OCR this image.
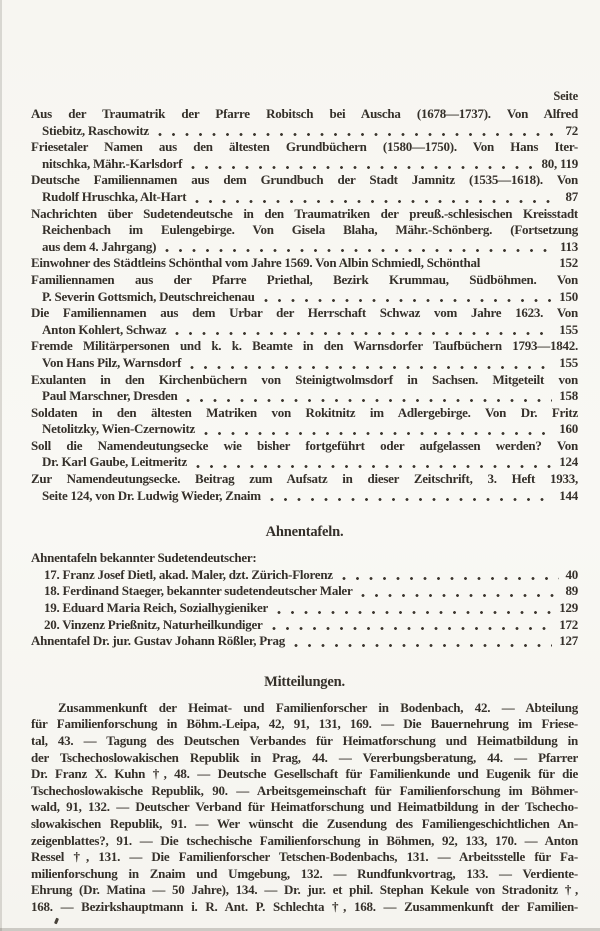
Seite
Aus der Traumatrik der Pfarre Robitsch bei Auscha (1678—1737). Von Alfred
Stiebitz, Raschowitz	72
Friesetaler Namen aus den ältesten Grundbüchern (1580—1750). Von Hans Iter-
nitschka, Mähr.-Karlsdorf	80, 119
Deutsche Familiennamen aus dem Grundbuch der Stadt Jamnitz (1535—1618). Von
Rudolf Hruschka, Alt-Hart	87
Nachrichten über Sudetendeutsche in den Traumatriken der preuß.-schlesischen Kreisstadt
Reichenbach im Eulengebirge. Von Gisela Blaha, Mähr.-Schönberg. (Fortsetzung
aus dem 4. Jahrgang)	113
Einwohner des Städtleins Schönthal vom Jahre 1569. Von Albin Schmiedl, Schönthal	152
Familiennamen aus der Pfarre Priethal, Bezirk Krummau, Südböhmen. Von
P. Severin Gottsmich, Deutschreichenau	150
Die Familiennamen aus dem Urbar der Herrschaft Schwaz vom Jahre 1623. Von
Anton Kohlert, Schwaz	155
Fremde Militärpersonen und k. k. Beamte in den Warnsdorfer Taufbüchern 1793—1842.
Von Hans Pilz, Warnsdorf	155
Exulanten in den Kirchenbüchern von Steinigtwolmsdorf in Sachsen. Mitgeteilt von
Paul Marschner, Dresden	158
Soldaten in den ältesten Matriken von Rokitnitz im Adlergebirge. Von Dr. Fritz
Netolitzky, Wien-Czernowitz	160
Soll die Namendeutungsecke wie bisher fortgeführt oder aufgelassen werden? Von
Dr. Karl Gaube, Leitmeritz	124
Zur Namendeutungsecke. Beitrag zum Aufsatz in dieser Zeitschrift, 3. Heft 1933,
Seite 124, von Dr. Ludwig Wieder, Znaim	144
Ahnentafeln.
Ahnentafeln bekannter Sudetendeutscher:
17. Franz Josef Dietl, akad. Maler, dzt. Zürich-Florenz	40
18. Ferdinand Staeger, bekannter sudetendeutscher Maler	89
19. Eduard Maria Reich, Sozialhygieniker	129
20. Vinzenz Prießnitz, Naturheilkundiger	172
Ahnentafel Dr. jur. Gustav Johann Rößler, Prag	127
Mitteilungen.
Zusammenkunft der Heimat- und Familienforscher in Bodenbach, 42. — Abteilung
für Familienforschung in Böhm.-Leipa, 42, 91, 131, 169. — Die Bauernehrung im Friese-
tal, 43. — Tagung des Deutschen Verbandes für Heimatforschung und Heimatbildung in
der Tschechoslowakischen Republik in Prag, 44. — Vererbungsberatung, 44. — Pfarrer
Dr. Franz X. Kuhn †, 48. — Deutsche Gesellschaft für Familienkunde und Eugenik für die
Tschechoslowakische Republik, 90. — Arbeitsgemeinschaft für Familienforschung im Böhmer-
wald, 91, 132. — Deutscher Verband für Heimatforschung und Heimatbildung in der Tschecho-
slowakischen Republik, 91. — Wer wünscht die Zusendung des Familiengeschichtlichen An-
zeigenblattes?, 91. — Die tschechische Familienforschung in Böhmen, 92, 133, 170. — Anton
Ressel †, 131. — Die Familienforscher Tetschen-Bodenbachs, 131. — Arbeitsstelle für Fa-
milienforschung in Znaim und Umgebung, 132. — Rundfunkvortrag, 133. — Verdiente-
Ehrung (Dr. Matina — 50 Jahre), 134. — Dr. jur. et phil. Stephan Kekule von Stradonitz †,
168. — Bezirkshauptmann i. R. Ant. P. Schlechta †, 168. — Zusammenkunft der Familien-
